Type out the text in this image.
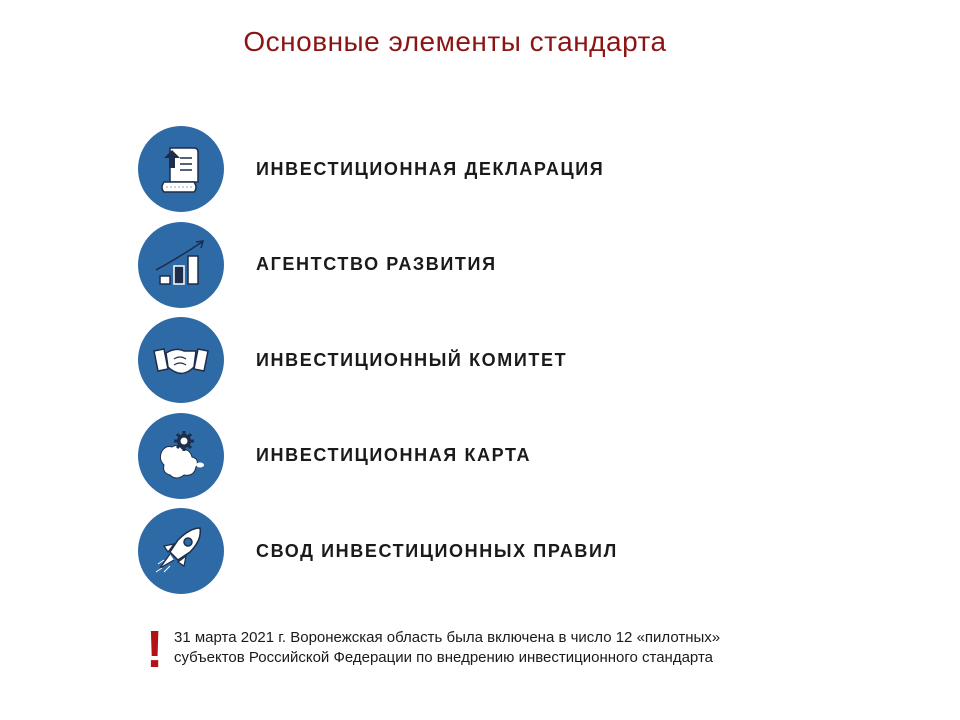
Основные элементы стандарта
ИНВЕСТИЦИОННАЯ ДЕКЛАРАЦИЯ
АГЕНТСТВО РАЗВИТИЯ
ИНВЕСТИЦИОННЫЙ КОМИТЕТ
ИНВЕСТИЦИОННАЯ КАРТА
СВОД ИНВЕСТИЦИОННЫХ ПРАВИЛ
! 31 марта 2021 г. Воронежская область была включена в число 12 «пилотных»
субъектов Российской Федерации по внедрению инвестиционного стандарта
